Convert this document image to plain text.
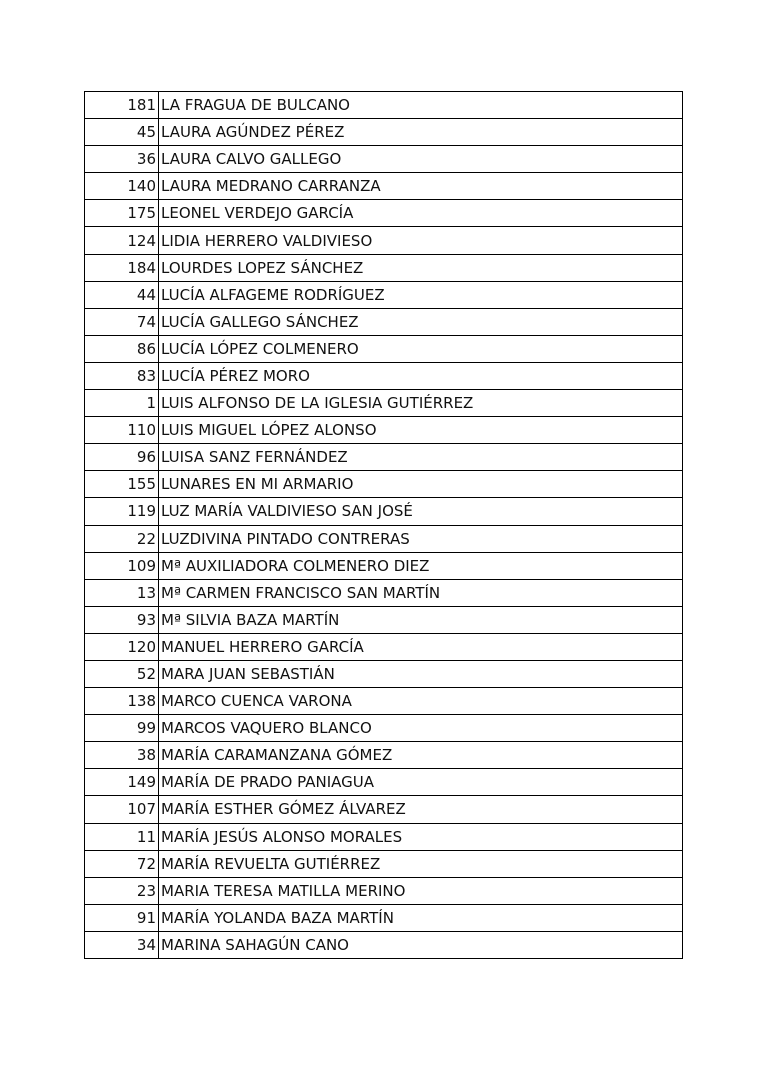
181	LA FRAGUA DE BULCANO
45	LAURA AGÚNDEZ PÉREZ
36	LAURA CALVO GALLEGO
140	LAURA MEDRANO CARRANZA
175	LEONEL VERDEJO GARCÍA
124	LIDIA HERRERO VALDIVIESO
184	LOURDES LOPEZ SÁNCHEZ
44	LUCÍA ALFAGEME RODRÍGUEZ
74	LUCÍA GALLEGO SÁNCHEZ
86	LUCÍA LÓPEZ COLMENERO
83	LUCÍA PÉREZ MORO
1	LUIS ALFONSO DE LA IGLESIA GUTIÉRREZ
110	LUIS MIGUEL LÓPEZ ALONSO
96	LUISA SANZ FERNÁNDEZ
155	LUNARES EN MI ARMARIO
119	LUZ MARÍA VALDIVIESO SAN JOSÉ
22	LUZDIVINA PINTADO CONTRERAS
109	Mª AUXILIADORA COLMENERO DIEZ
13	Mª CARMEN FRANCISCO SAN MARTÍN
93	Mª SILVIA BAZA MARTÍN
120	MANUEL HERRERO GARCÍA
52	MARA JUAN SEBASTIÁN
138	MARCO CUENCA VARONA
99	MARCOS VAQUERO BLANCO
38	MARÍA CARAMANZANA GÓMEZ
149	MARÍA DE PRADO PANIAGUA
107	MARÍA ESTHER GÓMEZ ÁLVAREZ
11	MARÍA JESÚS ALONSO MORALES
72	MARÍA REVUELTA GUTIÉRREZ
23	MARIA TERESA MATILLA MERINO
91	MARÍA YOLANDA BAZA MARTÍN
34	MARINA SAHAGÚN CANO
